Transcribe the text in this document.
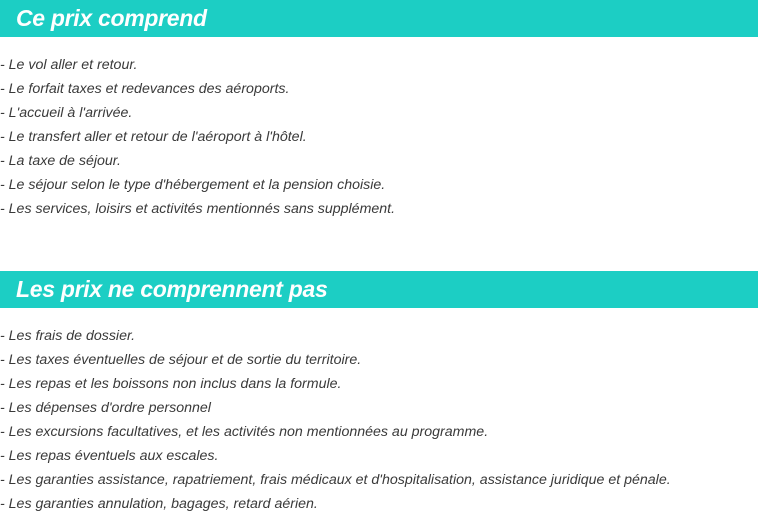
Ce prix comprend
- Le vol aller et retour.
- Le forfait taxes et redevances des aéroports.
- L'accueil à l'arrivée.
- Le transfert aller et retour de l'aéroport à l'hôtel.
- La taxe de séjour.
- Le séjour selon le type d'hébergement et la pension choisie.
- Les services, loisirs et activités mentionnés sans supplément.
Les prix ne comprennent pas
- Les frais de dossier.
- Les taxes éventuelles de séjour et de sortie du territoire.
- Les repas et les boissons non inclus dans la formule.
- Les dépenses d'ordre personnel
- Les excursions facultatives, et les activités non mentionnées au programme.
- Les repas éventuels aux escales.
- Les garanties assistance, rapatriement, frais médicaux et d'hospitalisation, assistance juridique et pénale.
- Les garanties annulation, bagages, retard aérien.
